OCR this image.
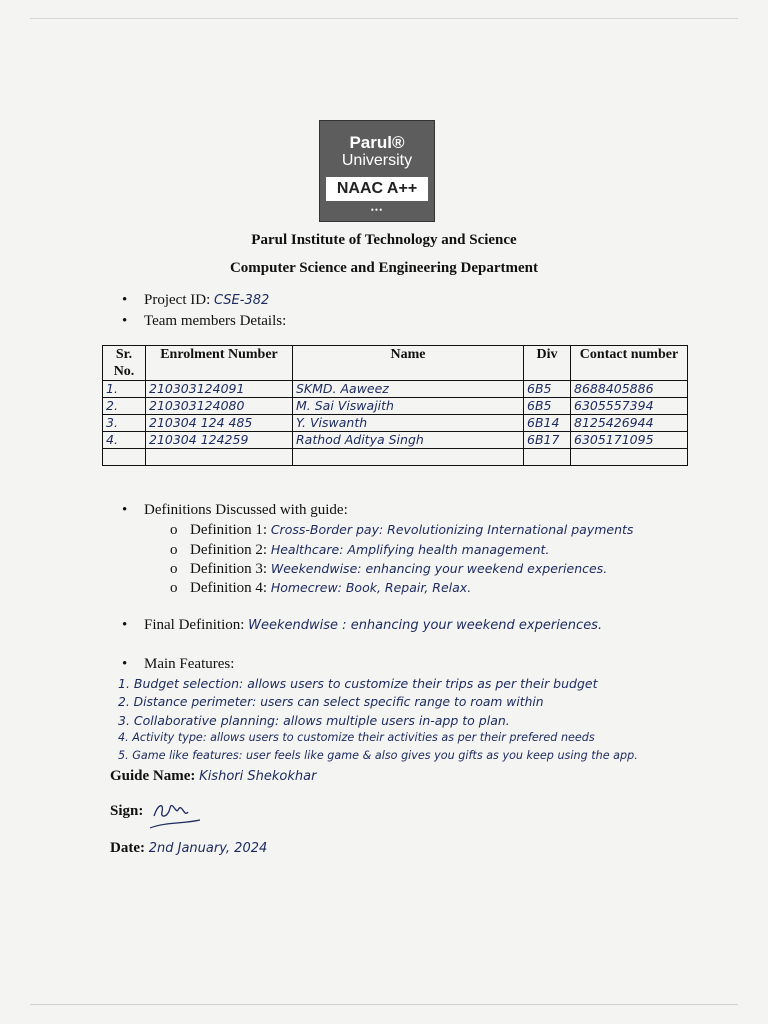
Parul®
University
NAAC A++
•••
Parul Institute of Technology and Science
Computer Science and Engineering Department
• Project ID: CSE-382
• Team members Details:
Sr. No.	Enrolment Number	Name	Div	Contact number
1.	210303124091	SKMD. Aaweez	6B5	8688405886
2.	210303124080	M. Sai Viswajith	6B5	6305557394
3.	210304 124 485	Y. Viswanth	6B14	8125426944
4.	210304 124259	Rathod Aditya Singh	6B17	6305171095

• Definitions Discussed with guide:
o Definition 1: Cross-Border pay: Revolutionizing International payments
o Definition 2: Healthcare: Amplifying health management.
o Definition 3: Weekendwise: enhancing your weekend experiences.
o Definition 4: Homecrew: Book, Repair, Relax.
• Final Definition: Weekendwise : enhancing your weekend experiences.
• Main Features:
1. Budget selection: allows users to customize their trips as per their budget
2. Distance perimeter: users can select specific range to roam within
3. Collaborative planning: allows multiple users in-app to plan.
4. Activity type: allows users to customize their activities as per their prefered needs
5. Game like features: user feels like game & also gives you gifts as you keep using the app.
Guide Name: Kishori Shekokhar
Sign:
Date: 2nd January, 2024
